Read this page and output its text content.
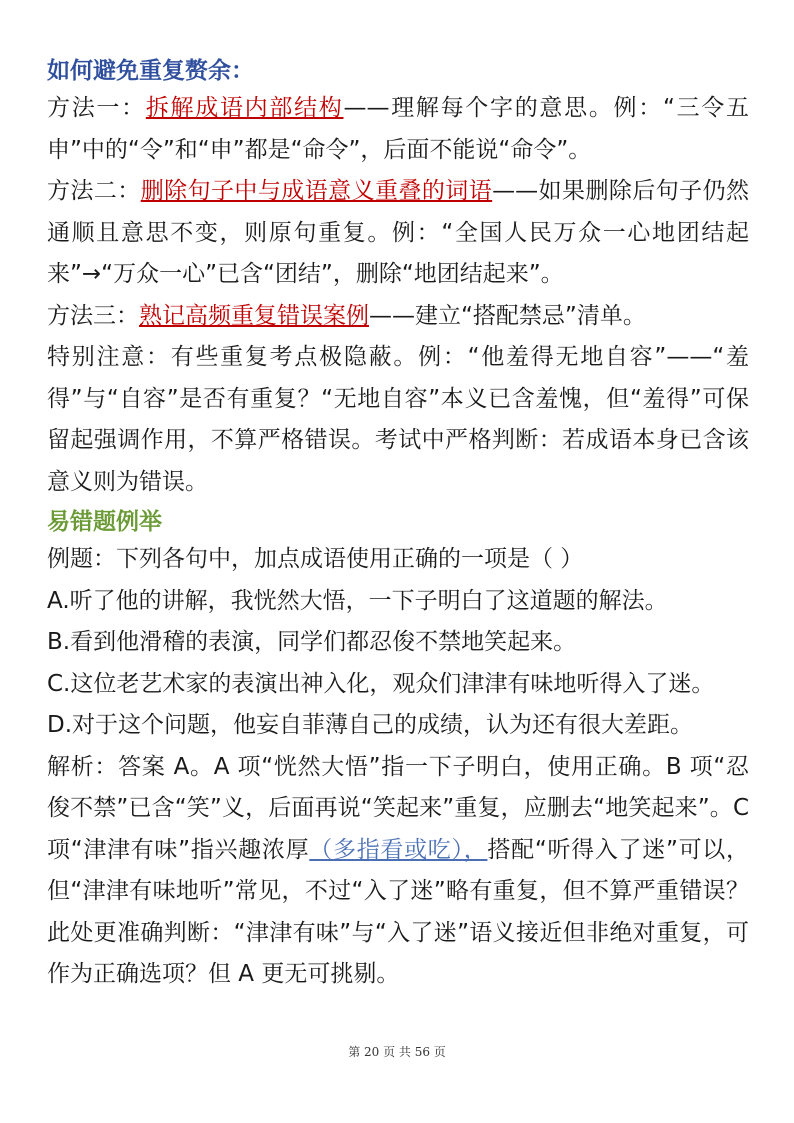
如何避免重复赘余：

方法一：拆解成语内部结构——理解每个字的意思。例：“三令五申”中的“令”和“申”都是“命令”，后面不能说“命令”。

方法二：删除句子中与成语意义重叠的词语——如果删除后句子仍然通顺且意思不变，则原句重复。例：“全国人民万众一心地团结起来”→“万众一心”已含“团结”，删除“地团结起来”。

方法三：熟记高频重复错误案例——建立“搭配禁忌”清单。

特别注意：有些重复考点极隐蔽。例：“他羞得无地自容”——“羞得”与“自容”是否有重复？“无地自容”本义已含羞愧，但“羞得”可保留起强调作用，不算严格错误。考试中严格判断：若成语本身已含该意义则为错误。

易错题例举

例题：下列各句中，加点成语使用正确的一项是（ ）

A.听了他的讲解，我恍然大悟，一下子明白了这道题的解法。

B.看到他滑稽的表演，同学们都忍俊不禁地笑起来。

C.这位老艺术家的表演出神入化，观众们津津有味地听得入了迷。

D.对于这个问题，他妄自菲薄自己的成绩，认为还有很大差距。

解析：答案 A。A 项“恍然大悟”指一下子明白，使用正确。B 项“忍俊不禁”已含“笑”义，后面再说“笑起来”重复，应删去“地笑起来”。C 项“津津有味”指兴趣浓厚（多指看或吃），搭配“听得入了迷”可以，但“津津有味地听”常见，不过“入了迷”略有重复，但不算严重错误？此处更准确判断：“津津有味”与“入了迷”语义接近但非绝对重复，可作为正确选项？但 A 更无可挑剔。

第 20 页 共 56 页
